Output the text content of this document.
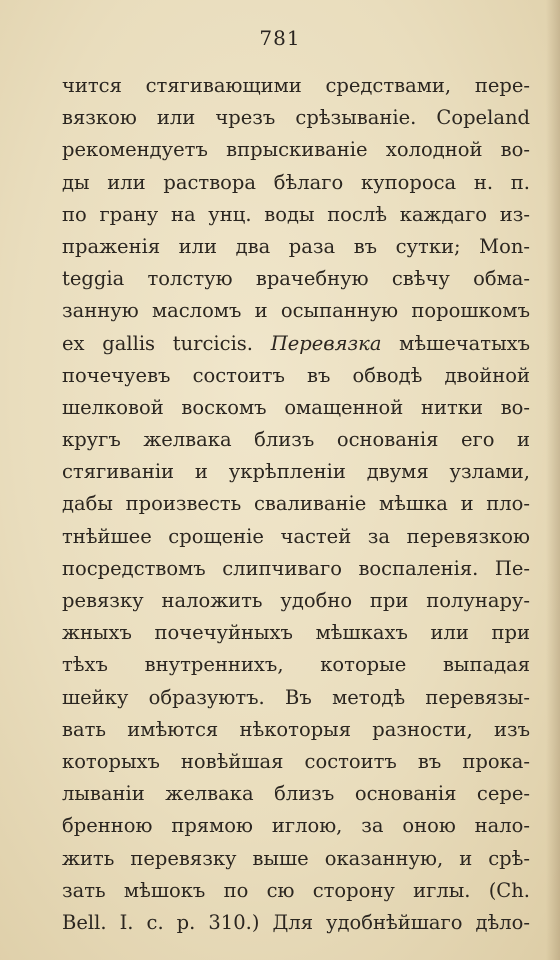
781
чится стягивающими средствами, пере-
вязкою или чрезъ срѣзываніе. Copeland
рекомендуетъ впрыскиваніе холодной во-
ды или раствора бѣлаго купороса н. п.
по грану на унц. воды послѣ каждаго из-
праженія или два раза въ сутки; Mon-
teggia толстую врачебную свѣчу обма-
занную масломъ и осыпанную порошкомъ
ex gallis turcicis. Перевязка мѣшечатыхъ
почечуевъ состоитъ въ обводѣ двойной
шелковой воскомъ омащенной нитки во-
кругъ желвака близъ основанія его и
стягиваніи и укрѣпленіи двумя узлами,
дабы произвесть сваливаніе мѣшка и пло-
тнѣйшее срощеніе частей за перевязкою
посредствомъ слипчиваго воспаленія. Пе-
ревязку наложить удобно при полунару-
жныхъ почечуйныхъ мѣшкахъ или при
тѣхъ внутреннихъ, которые выпадая
шейку образуютъ. Въ методѣ перевязы-
вать имѣются нѣкоторыя разности, изъ
которыхъ новѣйшая состоитъ въ прока-
лываніи желвака близъ основанія сере-
бренною прямою иглою, за оною нало-
жить перевязку выше оказанную, и срѣ-
зать мѣшокъ по сю сторону иглы. (Ch.
Bell. I. c. p. 310.) Для удобнѣйшаго дѣло-
